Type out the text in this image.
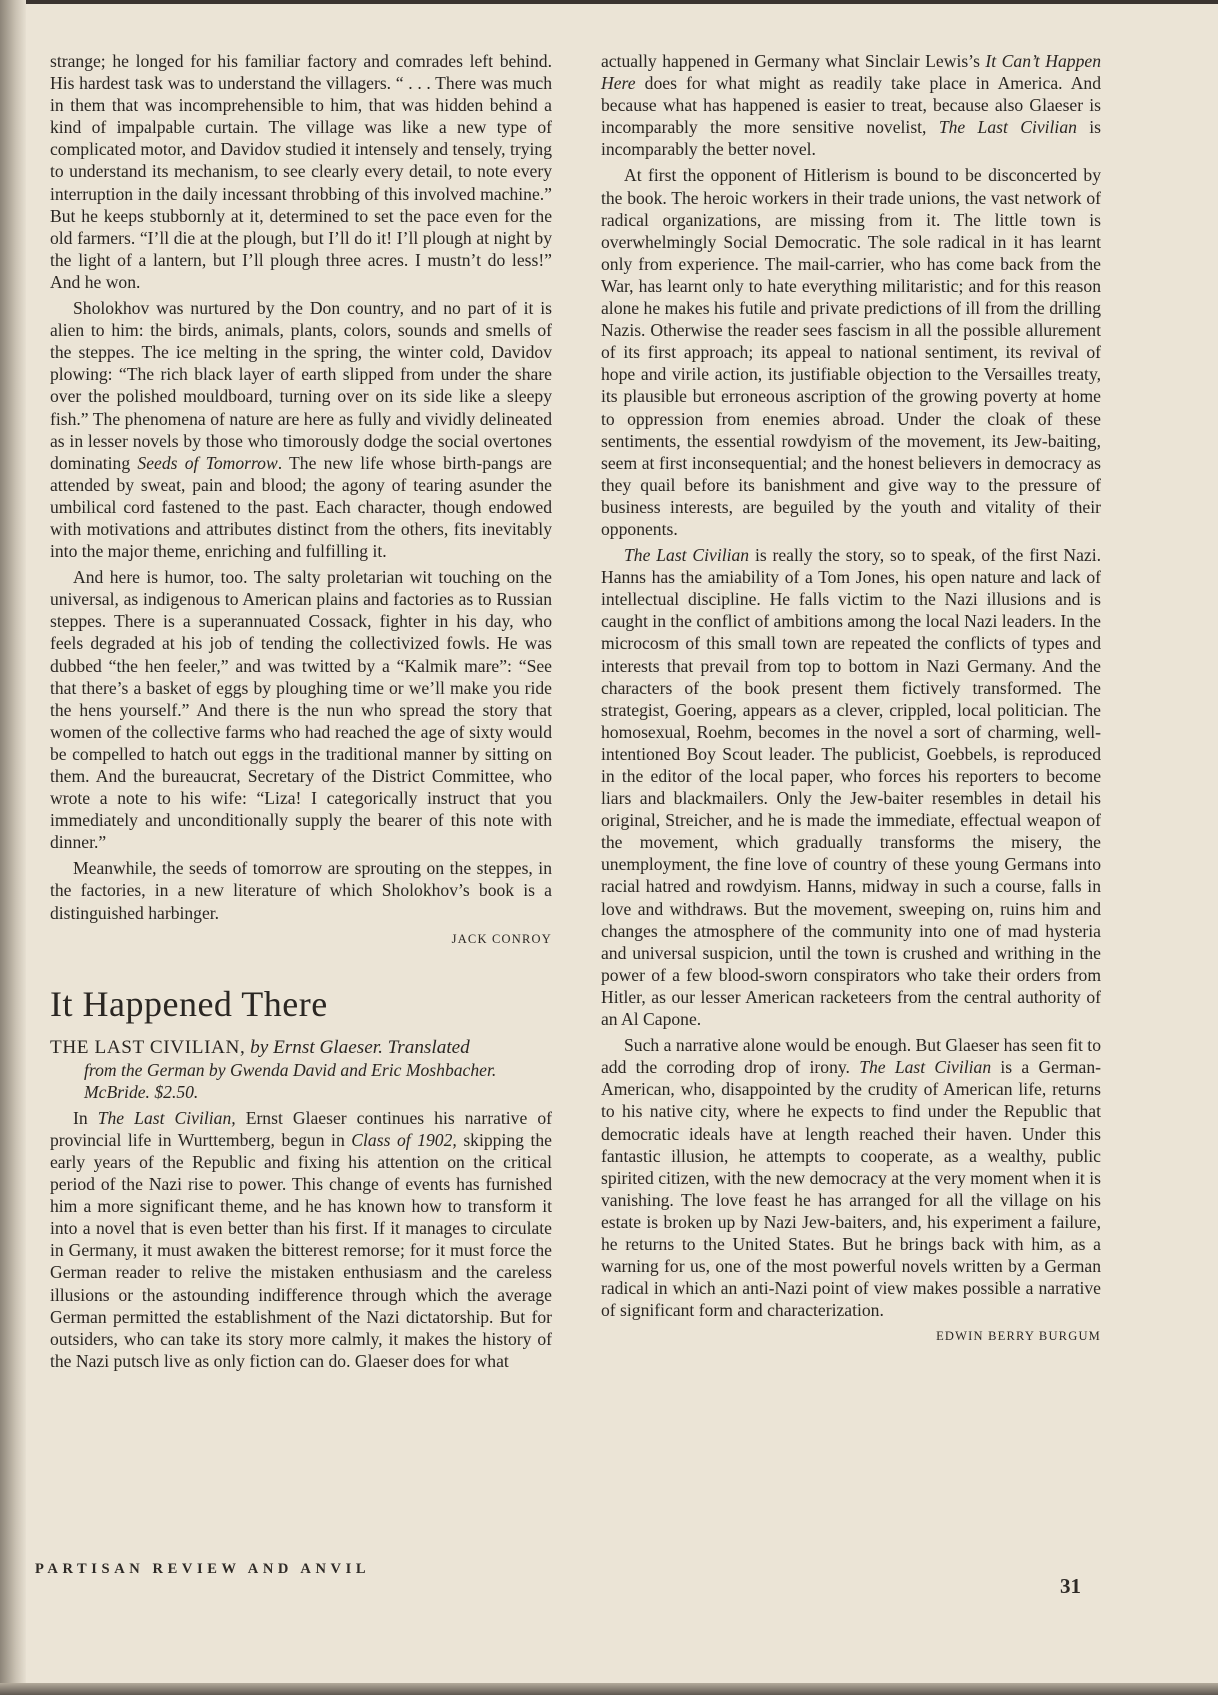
strange; he longed for his familiar factory and comrades left behind. His hardest task was to understand the villagers. “ . . . There was much in them that was incomprehensible to him, that was hidden behind a kind of impalpable curtain. The village was like a new type of complicated motor, and Davidov studied it intensely and tensely, trying to understand its mechanism, to see clearly every detail, to note every interruption in the daily incessant throbbing of this involved machine.” But he keeps stubbornly at it, determined to set the pace even for the old farmers. “I’ll die at the plough, but I’ll do it! I’ll plough at night by the light of a lantern, but I’ll plough three acres. I mustn’t do less!” And he won.

Sholokhov was nurtured by the Don country, and no part of it is alien to him: the birds, animals, plants, colors, sounds and smells of the steppes. The ice melting in the spring, the winter cold, Davidov plowing: “The rich black layer of earth slipped from under the share over the polished mouldboard, turning over on its side like a sleepy fish.” The phenomena of nature are here as fully and vividly delineated as in lesser novels by those who timorously dodge the social overtones dominating Seeds of Tomorrow. The new life whose birth-pangs are attended by sweat, pain and blood; the agony of tearing asunder the umbilical cord fastened to the past. Each character, though endowed with motivations and attributes distinct from the others, fits inevitably into the major theme, enriching and fulfilling it.

And here is humor, too. The salty proletarian wit touching on the universal, as indigenous to American plains and factories as to Russian steppes. There is a superannuated Cossack, fighter in his day, who feels degraded at his job of tending the collectivized fowls. He was dubbed “the hen feeler,” and was twitted by a “Kalmik mare”: “See that there’s a basket of eggs by ploughing time or we’ll make you ride the hens yourself.” And there is the nun who spread the story that women of the collective farms who had reached the age of sixty would be compelled to hatch out eggs in the traditional manner by sitting on them. And the bureaucrat, Secretary of the District Committee, who wrote a note to his wife: “Liza! I categorically instruct that you immediately and unconditionally supply the bearer of this note with dinner.”

Meanwhile, the seeds of tomorrow are sprouting on the steppes, in the factories, in a new literature of which Sholokhov’s book is a distinguished harbinger.

JACK CONROY

It Happened There
THE LAST CIVILIAN, by Ernst Glaeser. Translated
from the German by Gwenda David and Eric Moshbacher. McBride. $2.50.

In The Last Civilian, Ernst Glaeser continues his narrative of provincial life in Wurttemberg, begun in Class of 1902, skipping the early years of the Republic and fixing his attention on the critical period of the Nazi rise to power. This change of events has furnished him a more significant theme, and he has known how to transform it into a novel that is even better than his first. If it manages to circulate in Germany, it must awaken the bitterest remorse; for it must force the German reader to relive the mistaken enthusiasm and the careless illusions or the astounding indifference through which the average German permitted the establishment of the Nazi dictatorship. But for outsiders, who can take its story more calmly, it makes the history of the Nazi putsch live as only fiction can do. Glaeser does for what

actually happened in Germany what Sinclair Lewis’s It Can’t Happen Here does for what might as readily take place in America. And because what has happened is easier to treat, because also Glaeser is incomparably the more sensitive novelist, The Last Civilian is incomparably the better novel.

At first the opponent of Hitlerism is bound to be disconcerted by the book. The heroic workers in their trade unions, the vast network of radical organizations, are missing from it. The little town is overwhelmingly Social Democratic. The sole radical in it has learnt only from experience. The mail-carrier, who has come back from the War, has learnt only to hate everything militaristic; and for this reason alone he makes his futile and private predictions of ill from the drilling Nazis. Otherwise the reader sees fascism in all the possible allurement of its first approach; its appeal to national sentiment, its revival of hope and virile action, its justifiable objection to the Versailles treaty, its plausible but erroneous ascription of the growing poverty at home to oppression from enemies abroad. Under the cloak of these sentiments, the essential rowdyism of the movement, its Jew-baiting, seem at first inconsequential; and the honest believers in democracy as they quail before its banishment and give way to the pressure of business interests, are beguiled by the youth and vitality of their opponents.

The Last Civilian is really the story, so to speak, of the first Nazi. Hanns has the amiability of a Tom Jones, his open nature and lack of intellectual discipline. He falls victim to the Nazi illusions and is caught in the conflict of ambitions among the local Nazi leaders. In the microcosm of this small town are repeated the conflicts of types and interests that prevail from top to bottom in Nazi Germany. And the characters of the book present them fictively transformed. The strategist, Goering, appears as a clever, crippled, local politician. The homosexual, Roehm, becomes in the novel a sort of charming, well-intentioned Boy Scout leader. The publicist, Goebbels, is reproduced in the editor of the local paper, who forces his reporters to become liars and blackmailers. Only the Jew-baiter resembles in detail his original, Streicher, and he is made the immediate, effectual weapon of the movement, which gradually transforms the misery, the unemployment, the fine love of country of these young Germans into racial hatred and rowdyism. Hanns, midway in such a course, falls in love and withdraws. But the movement, sweeping on, ruins him and changes the atmosphere of the community into one of mad hysteria and universal suspicion, until the town is crushed and writhing in the power of a few blood-sworn conspirators who take their orders from Hitler, as our lesser American racketeers from the central authority of an Al Capone.

Such a narrative alone would be enough. But Glaeser has seen fit to add the corroding drop of irony. The Last Civilian is a German-American, who, disappointed by the crudity of American life, returns to his native city, where he expects to find under the Republic that democratic ideals have at length reached their haven. Under this fantastic illusion, he attempts to cooperate, as a wealthy, public spirited citizen, with the new democracy at the very moment when it is vanishing. The love feast he has arranged for all the village on his estate is broken up by Nazi Jew-baiters, and, his experiment a failure, he returns to the United States. But he brings back with him, as a warning for us, one of the most powerful novels written by a German radical in which an anti-Nazi point of view makes possible a narrative of significant form and characterization.

EDWIN BERRY BURGUM

PARTISAN REVIEW AND ANVIL
31
